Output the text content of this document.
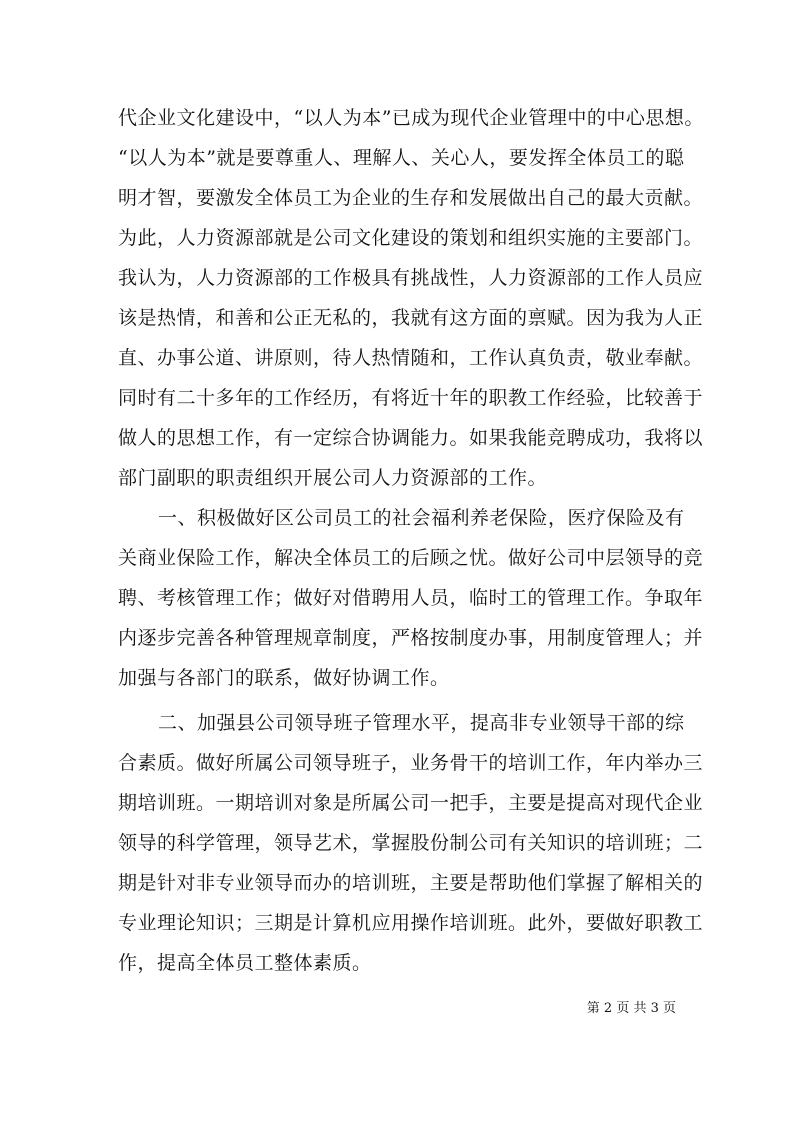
代企业文化建设中，“以人为本”已成为现代企业管理中的中心思想。
“以人为本”就是要尊重人、理解人、关心人，要发挥全体员工的聪
明才智，要激发全体员工为企业的生存和发展做出自己的最大贡献。
为此，人力资源部就是公司文化建设的策划和组织实施的主要部门。
我认为，人力资源部的工作极具有挑战性，人力资源部的工作人员应
该是热情，和善和公正无私的，我就有这方面的禀赋。因为我为人正
直、办事公道、讲原则，待人热情随和，工作认真负责，敬业奉献。
同时有二十多年的工作经历，有将近十年的职教工作经验，比较善于
做人的思想工作，有一定综合协调能力。如果我能竞聘成功，我将以
部门副职的职责组织开展公司人力资源部的工作。
一、积极做好区公司员工的社会福利养老保险，医疗保险及有
关商业保险工作，解决全体员工的后顾之忧。做好公司中层领导的竞
聘、考核管理工作；做好对借聘用人员，临时工的管理工作。争取年
内逐步完善各种管理规章制度，严格按制度办事，用制度管理人；并
加强与各部门的联系，做好协调工作。
二、加强县公司领导班子管理水平，提高非专业领导干部的综
合素质。做好所属公司领导班子，业务骨干的培训工作，年内举办三
期培训班。一期培训对象是所属公司一把手，主要是提高对现代企业
领导的科学管理，领导艺术，掌握股份制公司有关知识的培训班；二
期是针对非专业领导而办的培训班，主要是帮助他们掌握了解相关的
专业理论知识；三期是计算机应用操作培训班。此外，要做好职教工
作，提高全体员工整体素质。
第 2 页 共 3 页
